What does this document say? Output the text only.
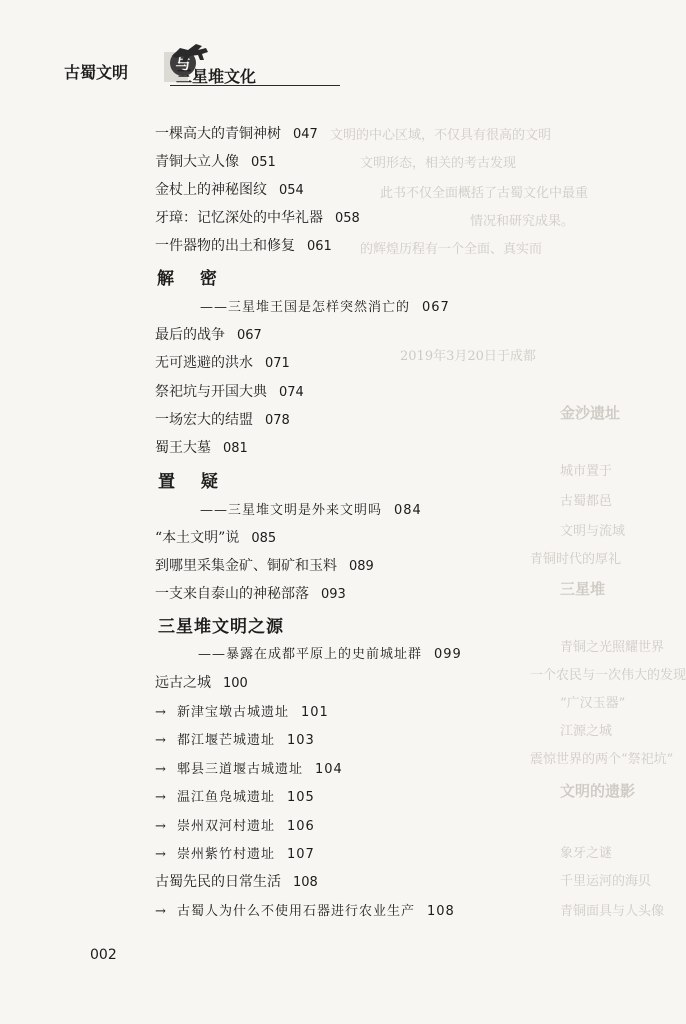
文明的中心区域，不仅具有很高的文明
文明形态，相关的考古发现
此书不仅全面概括了古蜀文化中最重
情况和研究成果。
的辉煌历程有一个全面、真实而
2019年3月20日于成都
金沙遗址
城市置于
古蜀都邑
文明与流域
青铜时代的厚礼
三星堆
青铜之光照耀世界
一个农民与一次伟大的发现
“广汉玉器”
江源之城
震惊世界的两个“祭祀坑”
文明的遗影
象牙之谜
千里运河的海贝
青铜面具与人头像
古蜀文明	与
三星堆文化
一棵高大的青铜神树 047
青铜大立人像 051
金杖上的神秘图纹 054
牙璋：记忆深处的中华礼器 058
一件器物的出土和修复 061
解 密
——三星堆王国是怎样突然消亡的 067
最后的战争 067
无可逃避的洪水 071
祭祀坑与开国大典 074
一场宏大的结盟 078
蜀王大墓 081
置 疑
——三星堆文明是外来文明吗 084
“本土文明”说 085
到哪里采集金矿、铜矿和玉料 089
一支来自泰山的神秘部落 093
三星堆文明之源
——暴露在成都平原上的史前城址群 099
远古之城 100
→ 新津宝墩古城遗址 101
→ 都江堰芒城遗址 103
→ 郫县三道堰古城遗址 104
→ 温江鱼凫城遗址 105
→ 崇州双河村遗址 106
→ 崇州紫竹村遗址 107
古蜀先民的日常生活 108
→ 古蜀人为什么不使用石器进行农业生产 108
002
